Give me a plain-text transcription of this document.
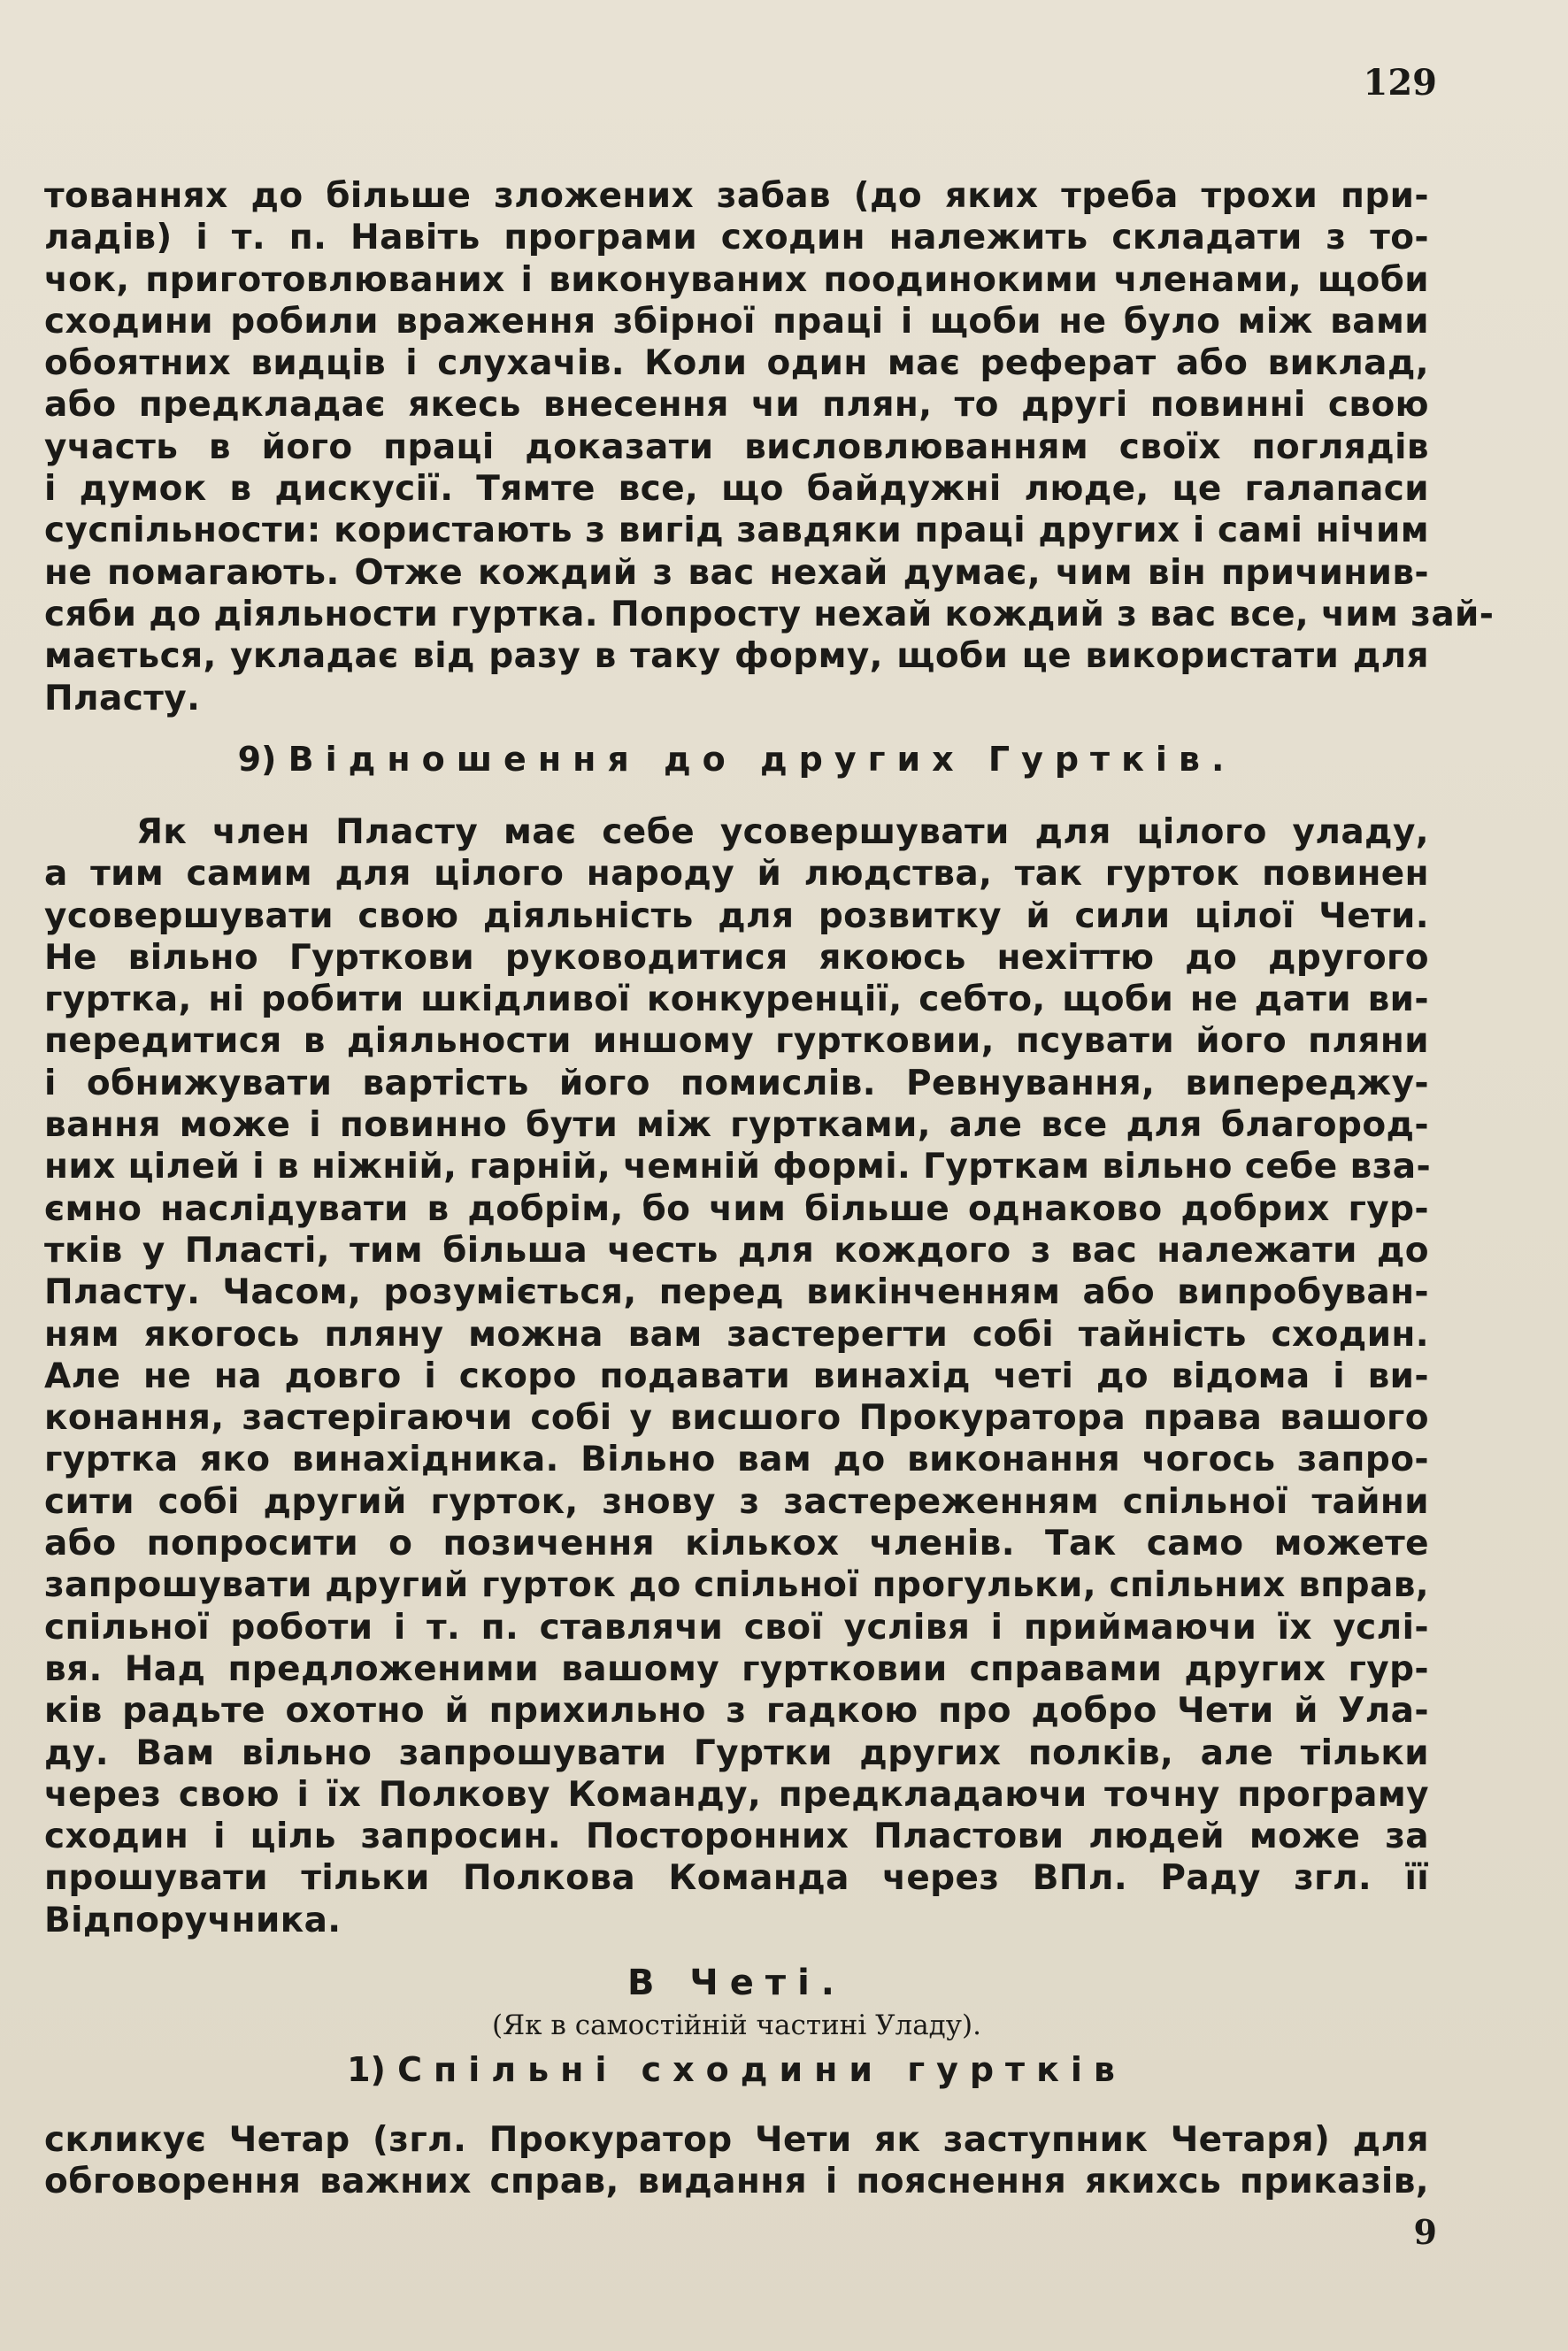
129
тованнях до більше зложених забав (до яких треба трохи при-
ладів) і т. п. Навіть програми сходин належить складати з то-
чок, приготовлюваних і виконуваних поодинокими членами, щоби
сходини робили враження збірної праці і щоби не було між вами
обоятних видців і слухачів. Коли один має реферат або виклад,
або предкладає якесь внесення чи плян, то другі повинні свою
участь в його праці доказати висловлюванням своїх поглядів
і думок в дискусії. Тямте все, що байдужні люде, це галапаси
суспільности: користають з вигід завдяки праці других і самі нічим
не помагають. Отже кождий з вас нехай думає, чим він причинив-
сяби до діяльности гуртка. Попросту нехай кождий з вас все, чим зай-
мається, укладає від разу в таку форму, щоби це використати для
Пласту.
9) Відношення до других Гуртків.
Як член Пласту має себе усовершувати для цілого уладу,
а тим самим для цілого народу й людства, так гурток повинен
усовершувати свою діяльність для розвитку й сили цілої Чети.
Не вільно Гурткови руководитися якоюсь нехіттю до другого
гуртка, ні робити шкідливої конкуренції, себто, щоби не дати ви-
передитися в діяльности иншому гуртковии, псувати його пляни
і обнижувати вартість його помислів. Ревнування, випереджу-
вання може і повинно бути між гуртками, але все для благород-
них цілей і в ніжній, гарній, чемній формі. Гурткам вільно себе вза-
ємно наслідувати в добрім, бо чим більше однаково добрих гур-
тків у Пласті, тим більша честь для кождого з вас належати до
Пласту. Часом, розуміється, перед викінченням або випробуван-
ням якогось пляну можна вам застерегти собі тайність сходин.
Але не на довго і скоро подавати винахід четі до відома і ви-
конання, застерігаючи собі у висшого Прокуратора права вашого
гуртка яко винахідника. Вільно вам до виконання чогось запро-
сити собі другий гурток, знову з застереженням спільної тайни
або попросити о позичення кількох членів. Так само можете
запрошувати другий гурток до спільної прогульки, спільних вправ,
спільної роботи і т. п. ставлячи свої услівя і приймаючи їх услі-
вя. Над предложеними вашому гуртковии справами других гур-
ків радьте охотно й прихильно з гадкою про добро Чети й Ула-
ду. Вам вільно запрошувати Гуртки других полків, але тільки
через свою і їх Полкову Команду, предкладаючи точну програму
сходин і ціль запросин. Посторонних Пластови людей може за
прошувати тільки Полкова Команда через ВПл. Раду згл. її
Відпоручника.
В Четі.
(Як в самостійній частині Уладу).
1) Спільні сходини гуртків
скликує Четар (згл. Прокуратор Чети як заступник Четаря) для
обговорення важних справ, видання і пояснення якихсь приказів,
9
